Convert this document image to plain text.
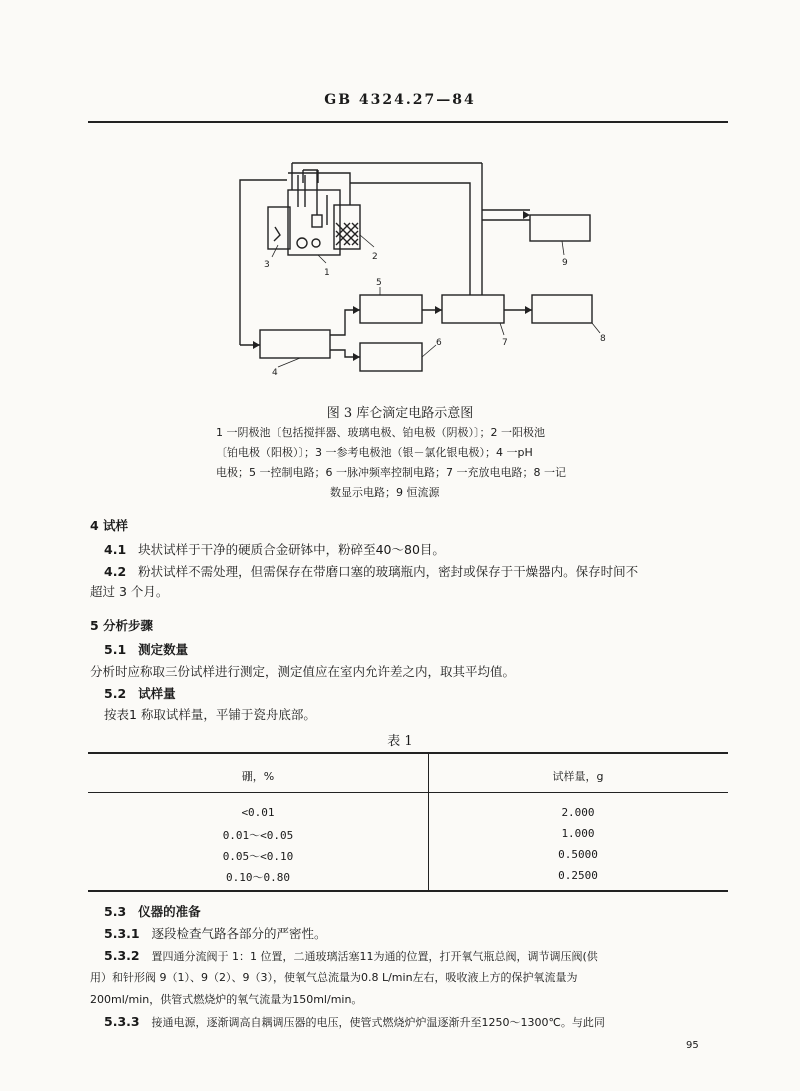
GB 4324.27—84
1
2
3
4
5
6	7	8
9
图 3 库仑滴定电路示意图
1 一阴极池〔包括搅拌器、玻璃电极、铂电极（阴极）〕；2 一阳极池
〔铂电极（阳极）〕；3 一参考电极池（银－氯化银电极）；4 一pH
电极；5 一控制电路；6 一脉冲频率控制电路；7 一充放电电路；8 一记
数显示电路；9 恒流源
4 试样
4.1 块状试样于干净的硬质合金研钵中，粉碎至40～80目。
4.2 粉状试样不需处理，但需保存在带磨口塞的玻璃瓶内，密封或保存于干燥器内。保存时间不
超过 3 个月。
5 分析步骤
5.1 测定数量
分析时应称取三份试样进行测定，测定值应在室内允许差之内，取其平均值。
5.2 试样量
按表1 称取试样量，平铺于瓷舟底部。
表 1
硼，%	试样量，g
<0.01	2.000
0.01～<0.05	1.000
0.05～<0.10	0.5000
0.10～0.80	0.2500
5.3 仪器的准备
5.3.1 逐段检查气路各部分的严密性。
5.3.2 置四通分流阀于 1：1 位置，二通玻璃活塞11为通的位置，打开氧气瓶总阀，调节调压阀(供
用）和针形阀 9（1）、9（2）、9（3），使氧气总流量为0.8 L/min左右，吸收液上方的保护氧流量为
200ml/min，供管式燃烧炉的氧气流量为150ml/min。
5.3.3 接通电源，逐渐调高自耦调压器的电压，使管式燃烧炉炉温逐渐升至1250～1300℃。与此同
95
